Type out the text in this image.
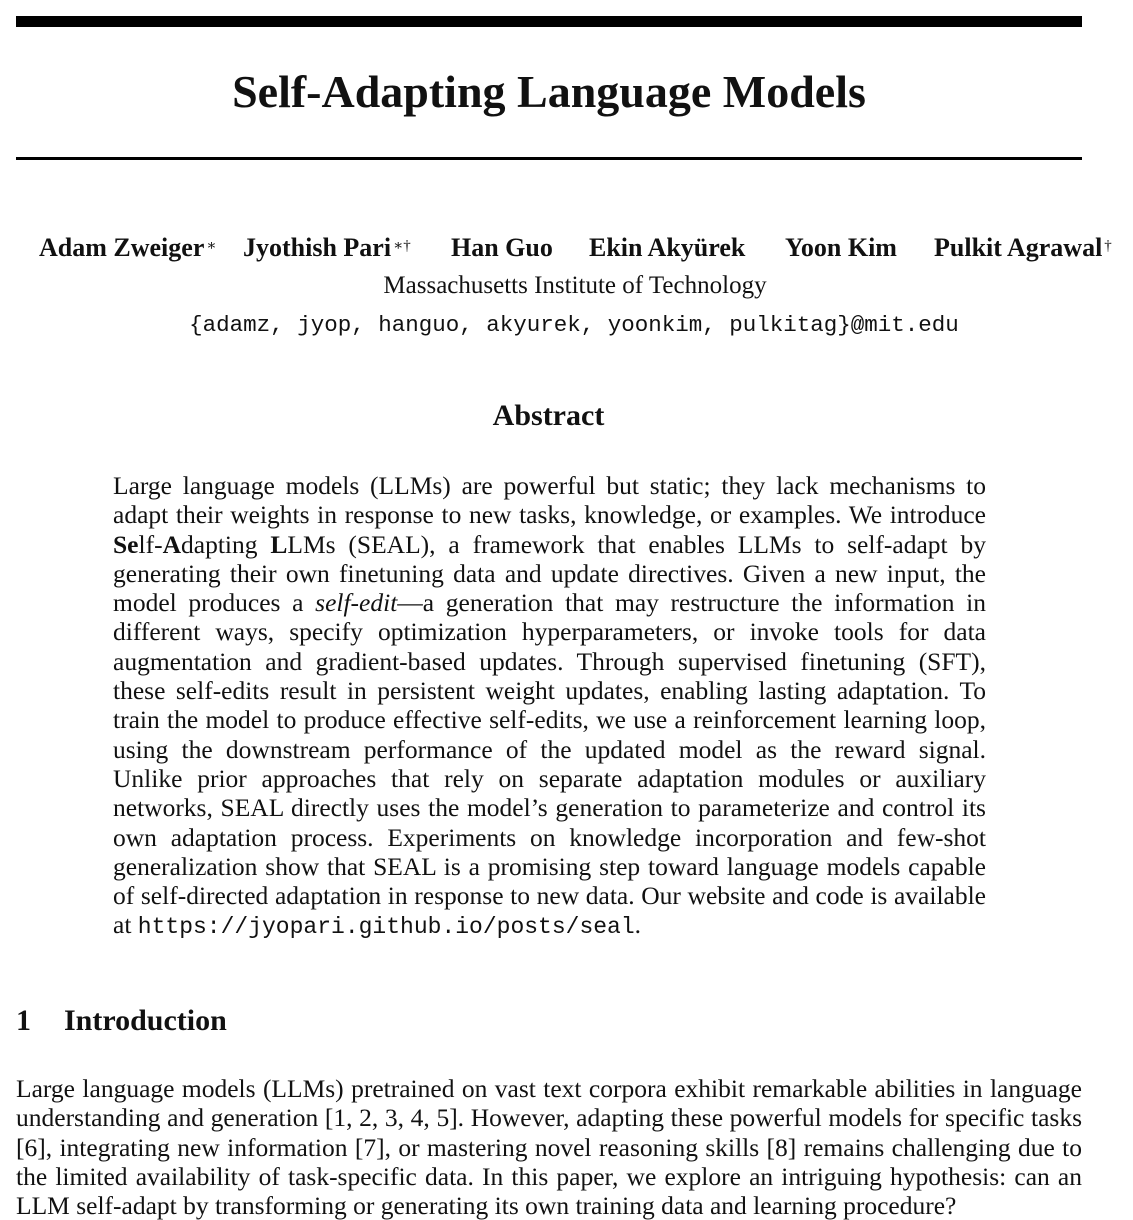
Self-Adapting Language Models
Adam Zweiger ∗ Jyothish Pari ∗† Han Guo Ekin Akyürek Yoon Kim Pulkit Agrawal †
Massachusetts Institute of Technology
{adamz, jyop, hanguo, akyurek, yoonkim, pulkitag}@mit.edu
Abstract

Large language models (LLMs) are powerful but static; they lack mechanisms to adapt their weights in response to new tasks, knowledge, or examples. We introduce Self-Adapting LLMs (SEAL), a framework that enables LLMs to self-adapt by generating their own finetuning data and update directives. Given a new input, the model produces a self-edit—a generation that may restructure the information in different ways, specify optimization hyperparameters, or invoke tools for data augmentation and gradient-based updates. Through supervised finetuning (SFT), these self-edits result in persistent weight updates, enabling lasting adaptation. To train the model to produce effective self-edits, we use a reinforcement learning loop, using the downstream performance of the updated model as the reward signal. Unlike prior approaches that rely on separate adaptation modules or auxiliary networks, SEAL directly uses the model’s generation to parameterize and control its own adaptation process. Experiments on knowledge incorporation and few-shot generalization show that SEAL is a promising step toward language models capable of self-directed adaptation in response to new data. Our website and code is available at https://jyopari.github.io/posts/seal.

1 Introduction

Large language models (LLMs) pretrained on vast text corpora exhibit remarkable abilities in language understanding and generation [1, 2, 3, 4, 5]. However, adapting these powerful models for specific tasks [6], integrating new information [7], or mastering novel reasoning skills [8] remains challenging due to the limited availability of task-specific data. In this paper, we explore an intriguing hypothesis: can an LLM self-adapt by transforming or generating its own training data and learning procedure?
